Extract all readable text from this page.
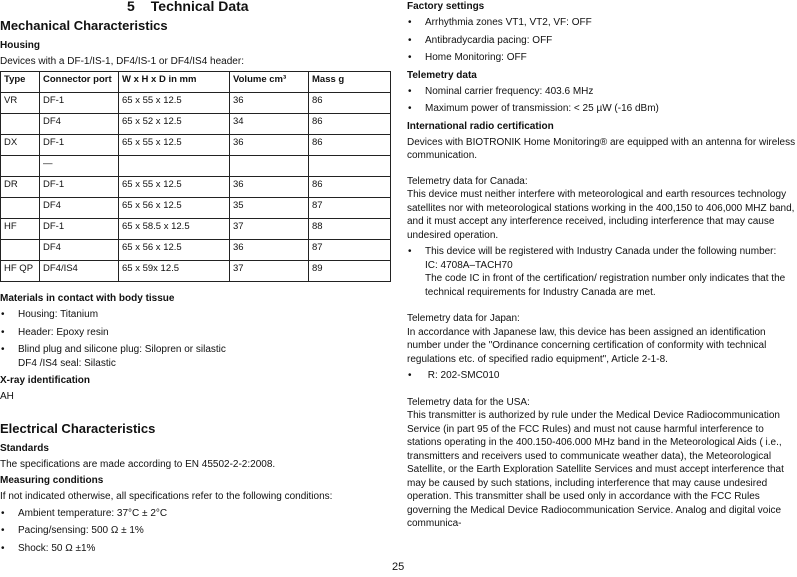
5 Technical Data
Mechanical Characteristics
Housing

Devices with a DF-1/IS-1, DF4/IS-1 or DF4/IS4 header:

Type	Connector port	W x H x D in mm	Volume cm³	Mass g
VR	DF-1	65 x 55 x 12.5	36	86
	DF4	65 x 52 x 12.5	34	86
DX	DF-1	65 x 55 x 12.5	36	86
	—			
DR	DF-1	65 x 55 x 12.5	36	86
	DF4	65 x 56 x 12.5	35	87
HF	DF-1	65 x 58.5 x 12.5	37	88
	DF4	65 x 56 x 12.5	36	87
HF QP	DF4/IS4	65 x 59x 12.5	37	89
Materials in contact with body tissue
• Housing: Titanium
• Header: Epoxy resin
• Blind plug and silicone plug: Silopren or silastic
DF4 /IS4 seal: Silastic
X-ray identification

AH

Electrical Characteristics
Standards

The specifications are made according to EN 45502-2-2:2008.

Measuring conditions

If not indicated otherwise, all specifications refer to the following conditions:

• Ambient temperature: 37°C ± 2°C
• Pacing/sensing: 500 Ω ± 1%
• Shock: 50 Ω ±1%
Factory settings
• Arrhythmia zones VT1, VT2, VF: OFF
• Antibradycardia pacing: OFF
• Home Monitoring: OFF
Telemetry data
• Nominal carrier frequency: 403.6 MHz
• Maximum power of transmission: < 25 µW (-16 dBm)
International radio certification

Devices with BIOTRONIK Home Monitoring® are equipped with an antenna for wireless communication.

Telemetry data for Canada:

This device must neither interfere with meteorological and earth resources technology satellites nor with meteorological stations working in the 400,150 to 406,000 MHZ band, and it must accept any interference received, including interference that may cause undesired operation.

• This device will be registered with Industry Canada under the following number:
IC: 4708A–TACH70
The code IC in front of the certification/ registration number only indicates that the technical requirements for Industry Canada are met.

Telemetry data for Japan:

In accordance with Japanese law, this device has been assigned an identification number under the "Ordinance concerning certification of conformity with technical regulations etc. of specified radio equipment", Article 2-1-8.

•  R: 202-SMC010

Telemetry data for the USA:

This transmitter is authorized by rule under the Medical Device Radiocommunication Service (in part 95 of the FCC Rules) and must not cause harmful interference to stations operating in the 400.150-406.000 MHz band in the Meteorological Aids ( i.e., transmitters and receivers used to communicate weather data), the Meteorological Satellite, or the Earth Exploration Satellite Services and must accept interference that may be caused by such stations, including interference that may cause undesired operation. This transmitter shall be used only in accordance with the FCC Rules governing the Medical Device Radiocommunication Service. Analog and digital voice communica-

25
